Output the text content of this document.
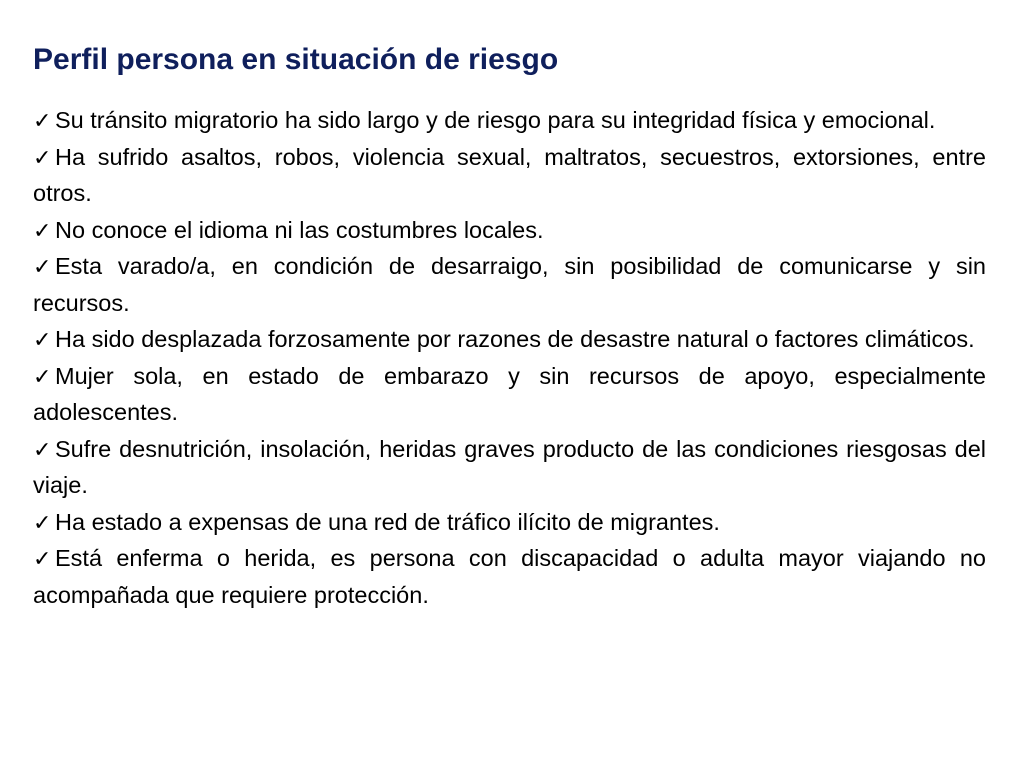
Perfil persona en situación de riesgo
✓ Su tránsito migratorio ha sido largo y de riesgo para su integridad física y emocional.
✓ Ha sufrido asaltos, robos, violencia sexual, maltratos, secuestros, extorsiones, entre otros.
✓ No conoce el idioma ni las costumbres locales.
✓ Esta varado/a, en condición de desarraigo, sin posibilidad de comunicarse y sin recursos.
✓ Ha sido desplazada forzosamente por razones de desastre natural o factores climáticos.
✓ Mujer sola, en estado de embarazo y sin recursos de apoyo, especialmente adolescentes.
✓ Sufre desnutrición, insolación, heridas graves producto de las condiciones riesgosas del viaje.
✓ Ha estado a expensas de una red de tráfico ilícito de migrantes.
✓ Está enferma o herida, es persona con discapacidad o adulta mayor viajando no acompañada que requiere protección.
